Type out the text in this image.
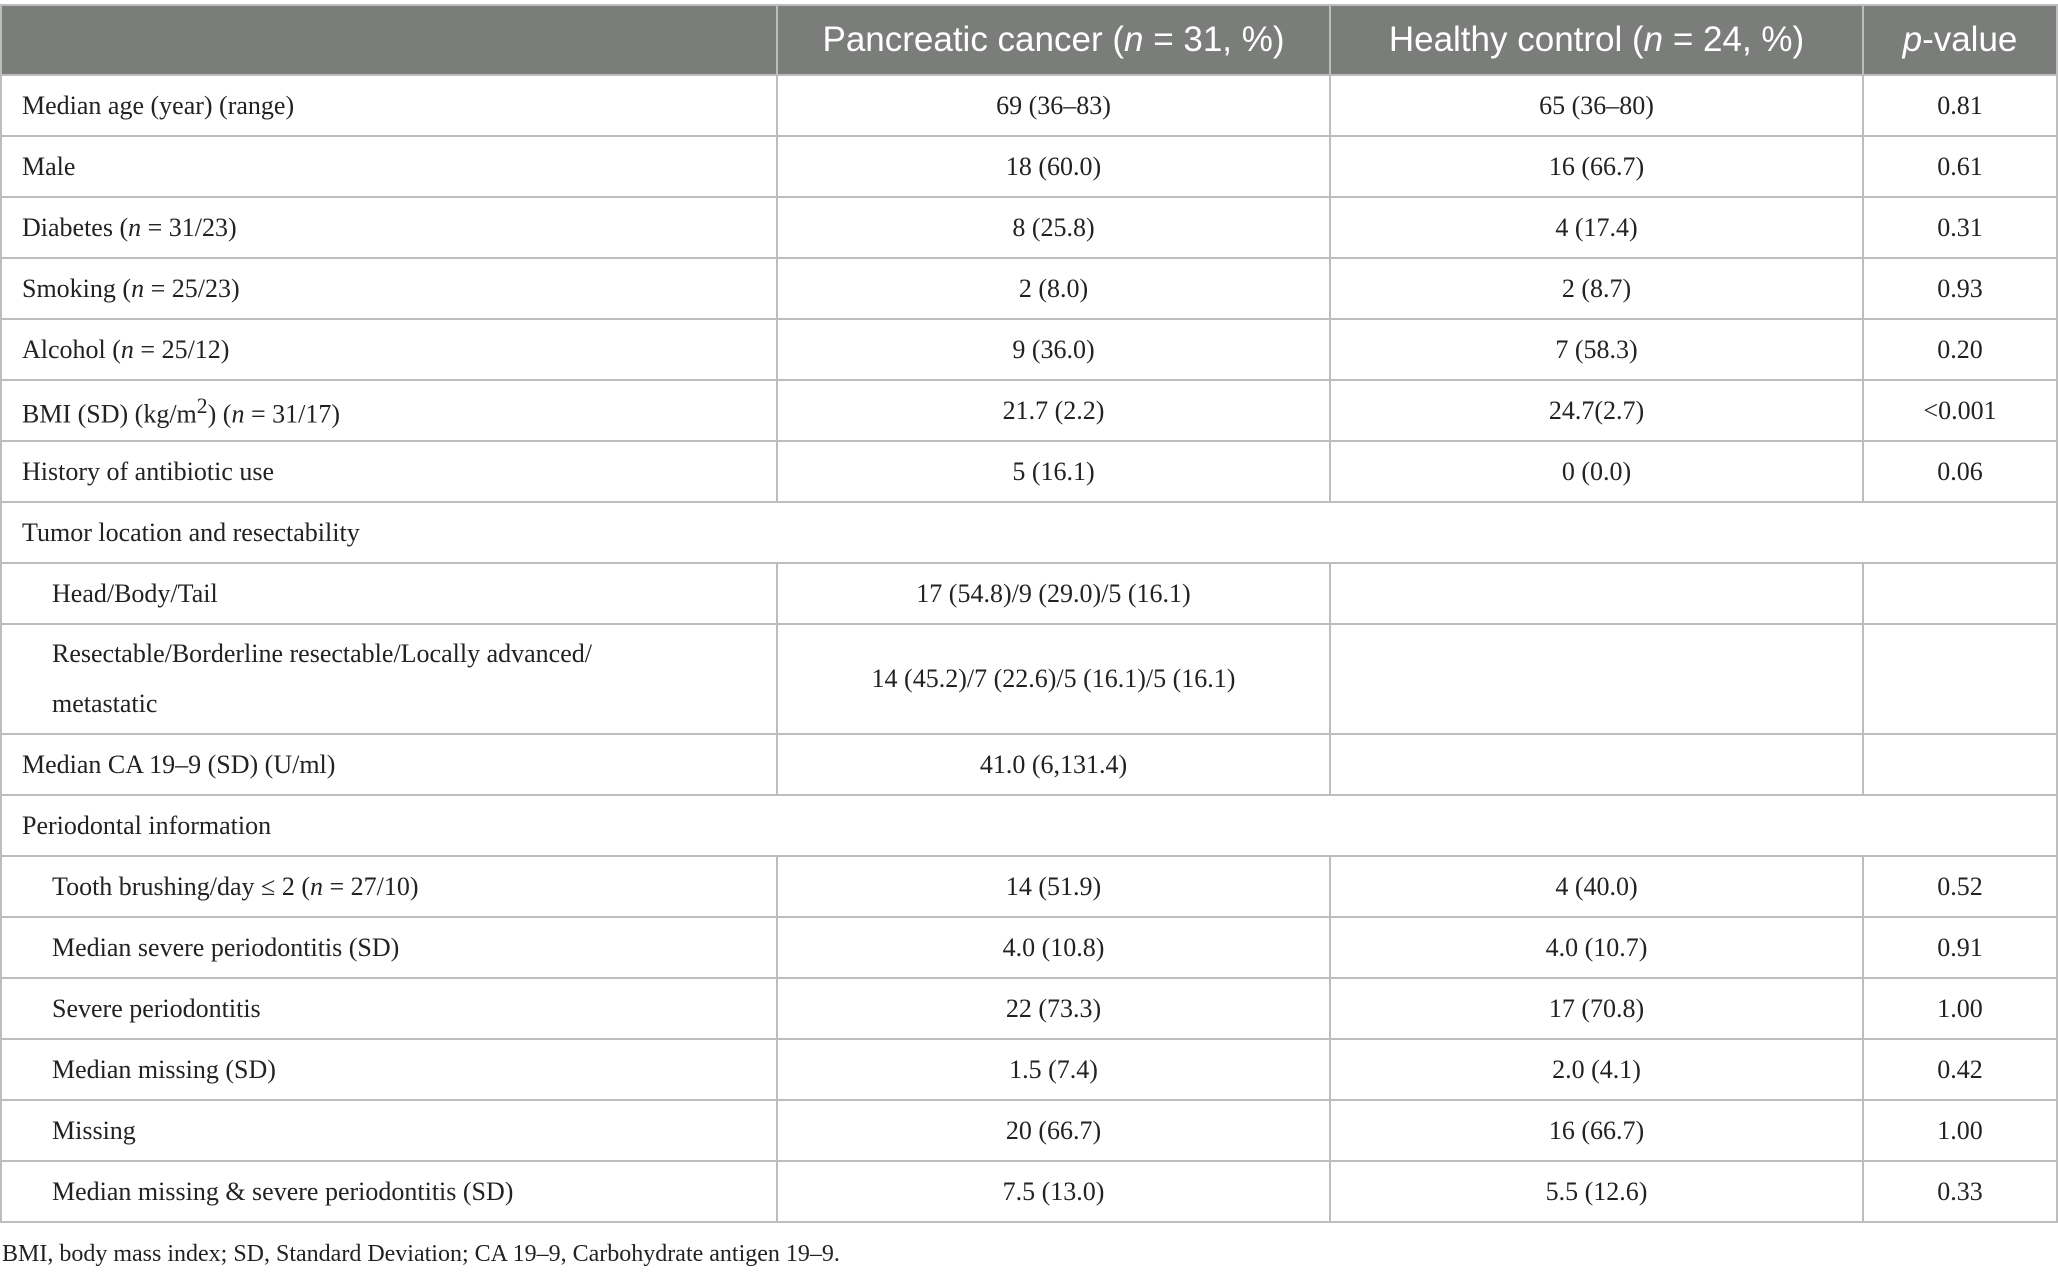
	Pancreatic cancer (n = 31, %)	Healthy control (n = 24, %)	p-value
Median age (year) (range)	69 (36–83)	65 (36–80)	0.81
Male	18 (60.0)	16 (66.7)	0.61
Diabetes (n = 31/23)	8 (25.8)	4 (17.4)	0.31
Smoking (n = 25/23)	2 (8.0)	2 (8.7)	0.93
Alcohol (n = 25/12)	9 (36.0)	7 (58.3)	0.20
BMI (SD) $(kg/m^2) (n = 31/17)$	21.7 (2.2)	24.7(2.7)	<0.001
History of antibiotic use	5 (16.1)	0 (0.0)	0.06
Tumor location and resectability			
Head/Body/Tail	17 (54.8)/9 (29.0)/5 (16.1)		
Resectable/Borderline resectable/Locally advanced/
metastatic	14 (45.2)/7 (22.6)/5 (16.1)/5 (16.1)		
Median CA 19–9 (SD) (U/ml)	41.0 (6,131.4)		
Periodontal information			
Tooth brushing/day ≤ 2 (n = 27/10)	14 (51.9)	4 (40.0)	0.52
Median severe periodontitis (SD)	4.0 (10.8)	4.0 (10.7)	0.91
Severe periodontitis	22 (73.3)	17 (70.8)	1.00
Median missing (SD)	1.5 (7.4)	2.0 (4.1)	0.42
Missing	20 (66.7)	16 (66.7)	1.00
Median missing & severe periodontitis (SD)	7.5 (13.0)	5.5 (12.6)	0.33
BMI, body mass index; SD, Standard Deviation; CA 19–9, Carbohydrate antigen 19–9.
